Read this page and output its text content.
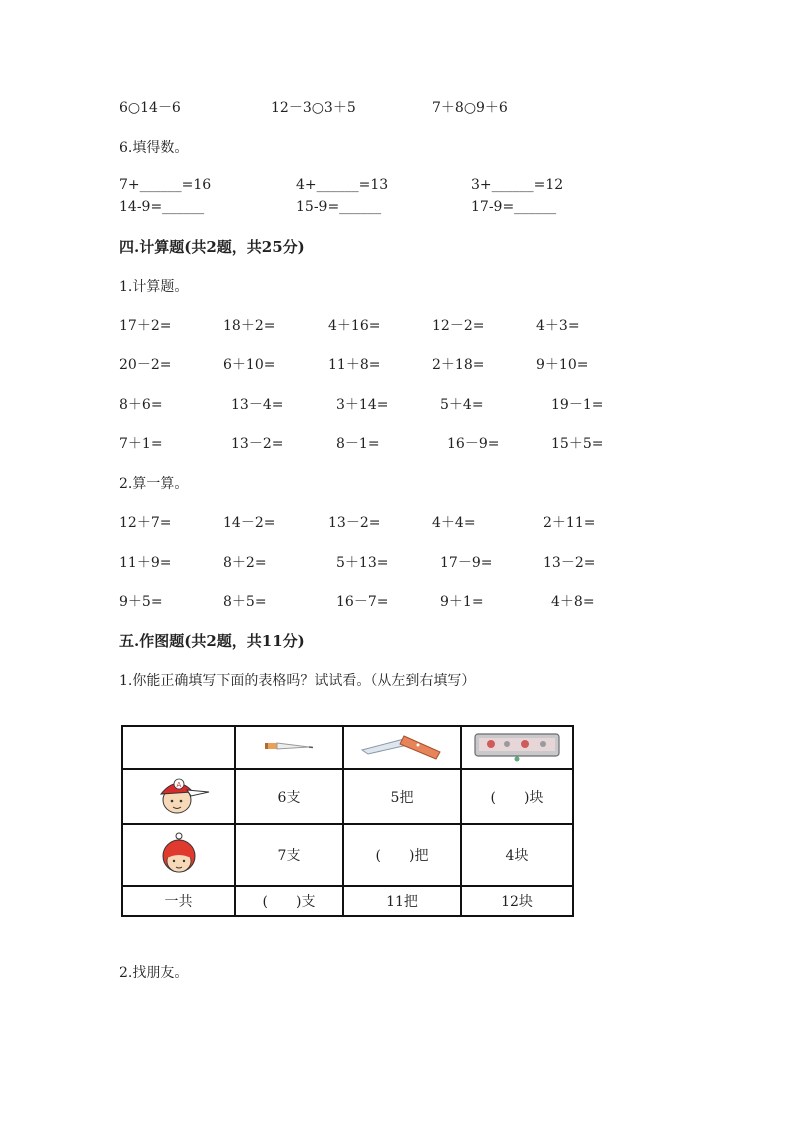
6○14－6	12－3○3＋5	7＋8○9＋6
6.填得数。
7+______=16	4+______=13	3+______=12
14-9=______	15-9=______	17-9=______
四.计算题(共2题，共25分)
1.计算题。
17＋2=	18＋2=	4＋16=	12－2=	4＋3=
20－2=	6＋10=	11＋8=	2＋18=	9＋10=
8＋6=	13－4=	3＋14=	5＋4=	19－1=
7＋1=	13－2=	8－1=	16－9=	15＋5=
2.算一算。
12＋7=	14－2=	13－2=	4＋4=	2＋11=
11＋9=	8＋2=	5＋13=	17－9=	13－2=
9＋5=	8＋5=	16－7=	9＋1=	4＋8=
五.作图题(共2题，共11分)
1.你能正确填写下面的表格吗？试试看。（从左到右填写）

A	6支	5把	(　　)块
	7支	(　　)把	4块
一共	(　　)支	11把	12块
2.找朋友。
